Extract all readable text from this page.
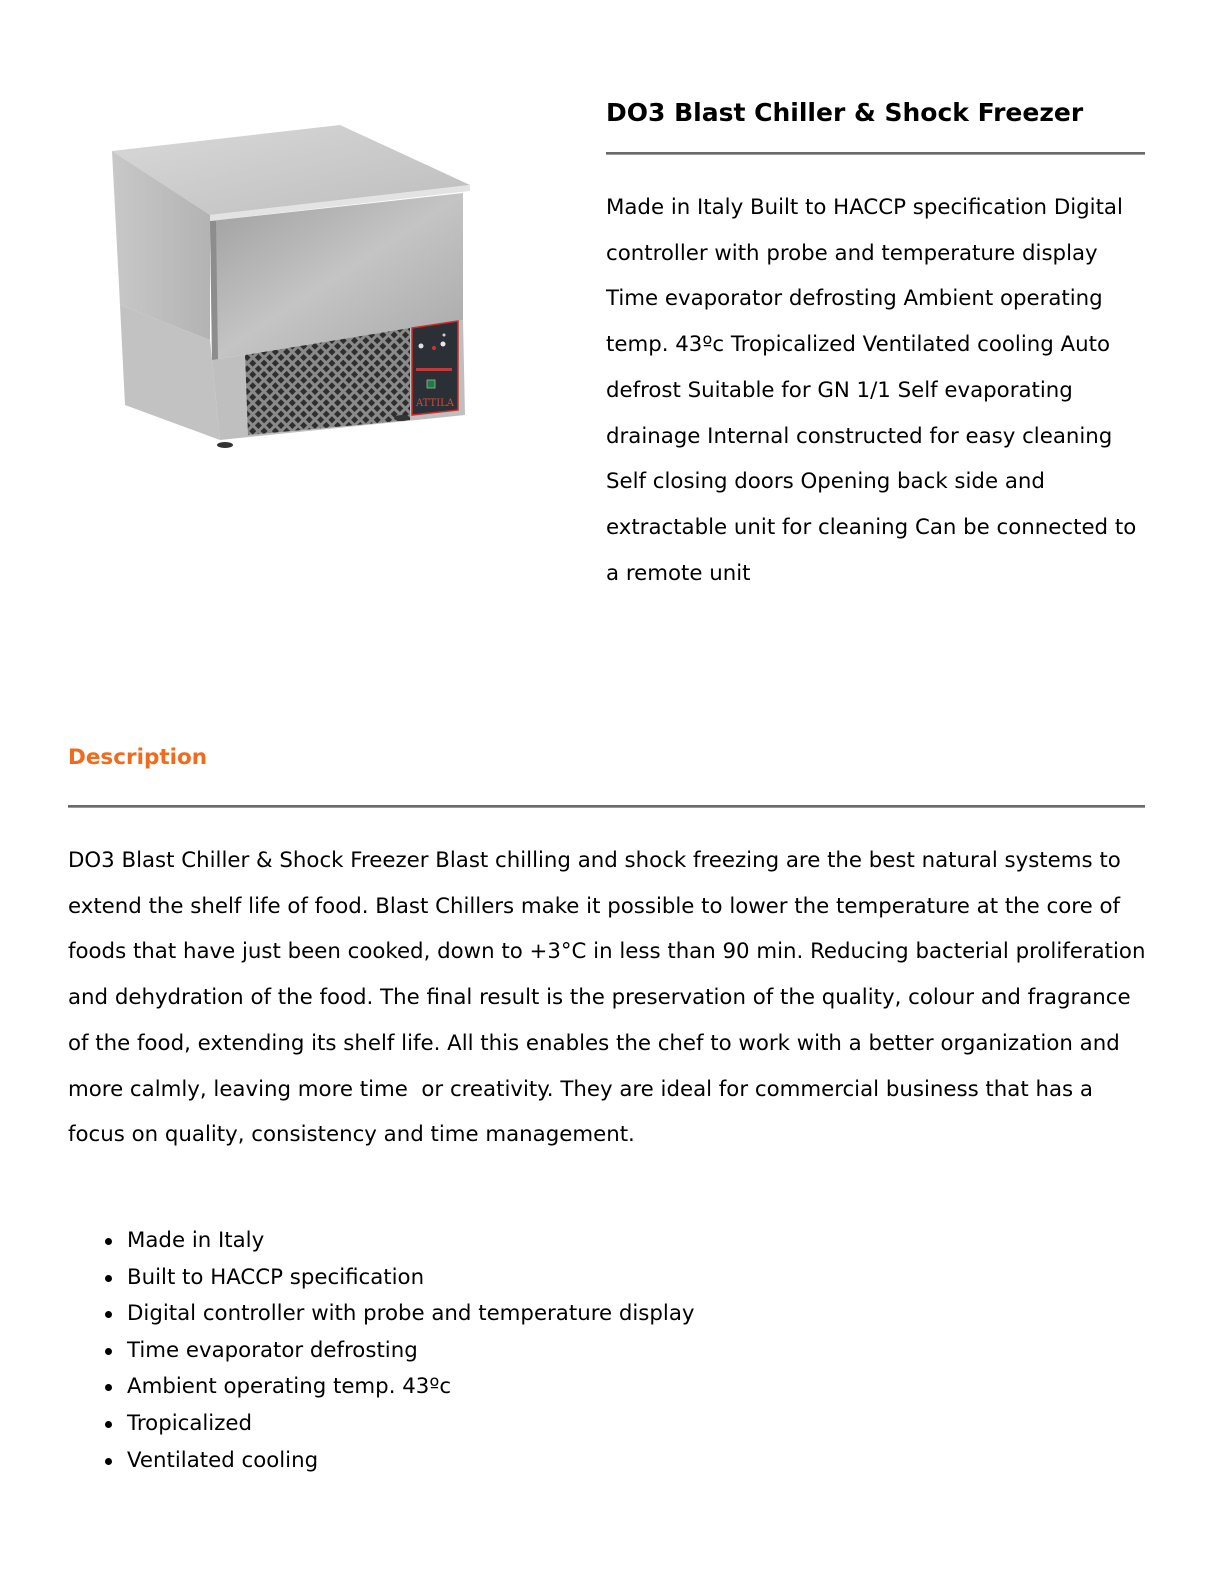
ATTILA
DO3 Blast Chiller & Shock Freezer

Made in Italy Built to HACCP specification Digital controller with probe and temperature display Time evaporator defrosting Ambient operating temp. 43ºc Tropicalized Ventilated cooling Auto defrost Suitable for GN 1/1 Self evaporating drainage Internal constructed for easy cleaning Self closing doors Opening back side and extractable unit for cleaning Can be connected to a remote unit

Description

DO3 Blast Chiller & Shock Freezer Blast chilling and shock freezing are the best natural systems to extend the shelf life of food. Blast Chillers make it possible to lower the temperature at the core of foods that have just been cooked, down to +3°C in less than 90 min. Reducing bacterial proliferation and dehydration of the food. The final result is the preservation of the quality, colour and fragrance of the food, extending its shelf life. All this enables the chef to work with a better organization and more calmly, leaving more time  or creativity. They are ideal for commercial business that has a focus on quality, consistency and time management.

Made in Italy
Built to HACCP specification
Digital controller with probe and temperature display
Time evaporator defrosting
Ambient operating temp. 43ºc
Tropicalized
Ventilated cooling
